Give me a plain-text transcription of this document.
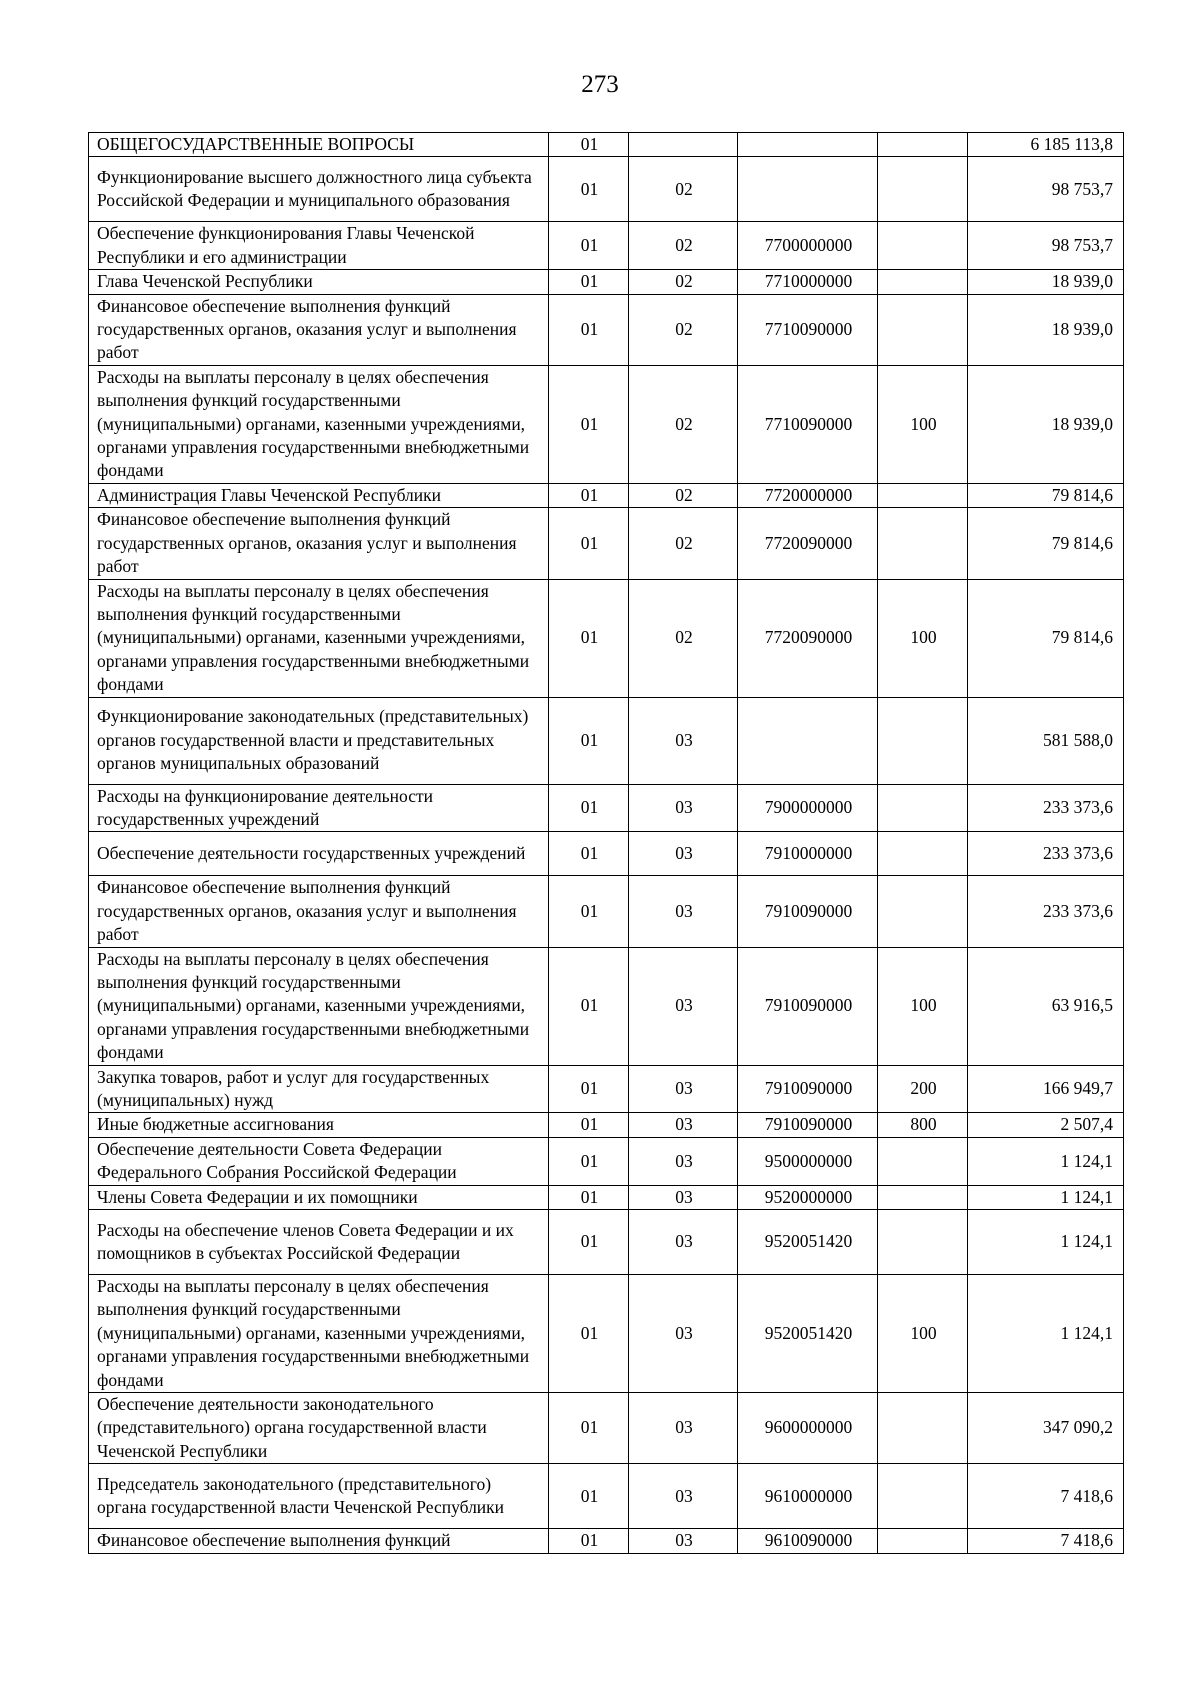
273
ОБЩЕГОСУДАРСТВЕННЫЕ ВОПРОСЫ	01				6 185 113,8
Функционирование высшего должностного лица субъекта Российской Федерации и муниципального образования	01	02			98 753,7
Обеспечение функционирования Главы Чеченской Республики и его администрации	01	02	7700000000		98 753,7
Глава Чеченской Республики	01	02	7710000000		18 939,0
Финансовое обеспечение выполнения функций государственных органов, оказания услуг и выполнения работ	01	02	7710090000		18 939,0
Расходы на выплаты персоналу в целях обеспечения выполнения функций государственными (муниципальными) органами, казенными учреждениями, органами управления государственными внебюджетными фондами	01	02	7710090000	100	18 939,0
Администрация Главы Чеченской Республики	01	02	7720000000		79 814,6
Финансовое обеспечение выполнения функций государственных органов, оказания услуг и выполнения работ	01	02	7720090000		79 814,6
Расходы на выплаты персоналу в целях обеспечения выполнения функций государственными (муниципальными) органами, казенными учреждениями, органами управления государственными внебюджетными фондами	01	02	7720090000	100	79 814,6
Функционирование законодательных (представительных) органов государственной власти и представительных органов муниципальных образований	01	03			581 588,0
Расходы на функционирование деятельности государственных учреждений	01	03	7900000000		233 373,6
Обеспечение деятельности государственных учреждений	01	03	7910000000		233 373,6
Финансовое обеспечение выполнения функций государственных органов, оказания услуг и выполнения работ	01	03	7910090000		233 373,6
Расходы на выплаты персоналу в целях обеспечения выполнения функций государственными (муниципальными) органами, казенными учреждениями, органами управления государственными внебюджетными фондами	01	03	7910090000	100	63 916,5
Закупка товаров, работ и услуг для государственных (муниципальных) нужд	01	03	7910090000	200	166 949,7
Иные бюджетные ассигнования	01	03	7910090000	800	2 507,4
Обеспечение деятельности Совета Федерации Федерального Собрания Российской Федерации	01	03	9500000000		1 124,1
Члены Совета Федерации и их помощники	01	03	9520000000		1 124,1
Расходы на обеспечение членов Совета Федерации и их помощников в субъектах Российской Федерации	01	03	9520051420		1 124,1
Расходы на выплаты персоналу в целях обеспечения выполнения функций государственными (муниципальными) органами, казенными учреждениями, органами управления государственными внебюджетными фондами	01	03	9520051420	100	1 124,1
Обеспечение деятельности законодательного (представительного) органа государственной власти Чеченской Республики	01	03	9600000000		347 090,2
Председатель законодательного (представительного) органа государственной власти Чеченской Республики	01	03	9610000000		7 418,6
Финансовое обеспечение выполнения функций	01	03	9610090000		7 418,6
